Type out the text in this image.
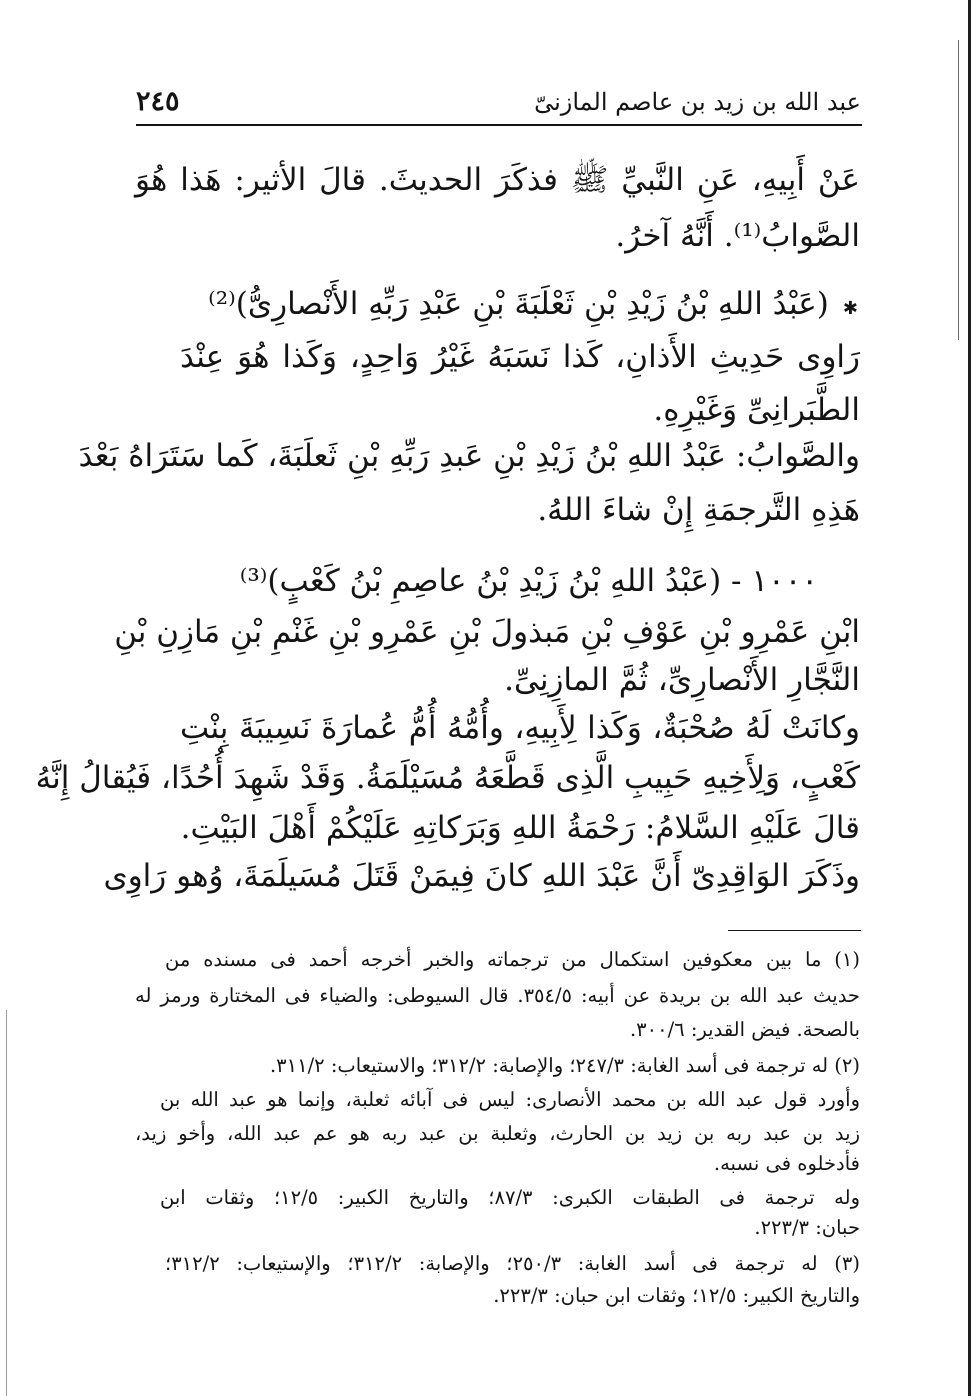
عبد الله بن زيد بن عاصم المازنىّ
٢٤٥
عَنْ أَبِيهِ، عَنِ النَّبيِّ ﷺ فذكَرَ الحديثَ. قالَ الأثير: هَذا هُوَ
الصَّوابُ⁽¹⁾. أَنَّهُ آخرُ.
✱(عَبْدُ اللهِ بْنُ زَيْدِ بْنِ ثَعْلَبَةَ بْنِ عَبْدِ رَبِّهِ الأَنْصارِىُّ)⁽²⁾
رَاوِى حَدِيثِ الأَذانِ، كَذا نَسَبَهُ غَيْرُ وَاحِدٍ، وَكَذا هُوَ عِنْدَ
الطَّبَرانِىِّ وَغَيْرِهِ.
والصَّوابُ: عَبْدُ اللهِ بْنُ زَيْدِ بْنِ عَبدِ رَبِّهِ بْنِ ثَعلَبَةَ، كَما سَتَرَاهُ بَعْدَ
هَذِهِ التَّرجمَةِ إِنْ شاءَ اللهُ.
١٠٠٠ - (عَبْدُ اللهِ بْنُ زَيْدِ بْنُ عاصِمِ بْنُ كَعْبٍ)⁽³⁾
ابْنِ عَمْرِو بْنِ عَوْفِ بْنِ مَبذولَ بْنِ عَمْرِو بْنِ غَنْمِ بْنِ مَازِنِ بْنِ
النَّجَّارِ الأَنْصارِىِّ، ثُمَّ المازِنِىِّ.
وكانَتْ لَهُ صُحْبَةٌ، وَكَذا لِأَبِيهِ، وأُمُّهُ أُمُّ عُمارَةَ نَسِيبَةَ بِنْتِ
كَعْبٍ، وَلِأَخِيهِ حَبِيبِ الَّذِى قَطَّعَهُ مُسَيْلَمَةُ. وَقَدْ شَهِدَ أُحُدًا، فَيُقالُ إِنَّهُ
قالَ عَلَيْهِ السَّلامُ: رَحْمَةُ اللهِ وَبَرَكاتِهِ عَلَيْكُمْ أَهْلَ البَيْتِ.
وذَكَرَ الوَاقِدِىّ أَنَّ عَبْدَ اللهِ كانَ فِيمَنْ قَتَلَ مُسَيلَمَةَ، وُهو رَاوِى
(١) ما بين معكوفين استكمال من ترجماته والخبر أخرجه أحمد فى مسنده من
حديث عبد الله بن بريدة عن أبيه: ٣٥٤/٥. قال السيوطى: والضياء فى المختارة ورمز له
بالصحة. فيض القدير: ٣٠٠/٦.
(٢) له ترجمة فى أسد الغابة: ٢٤٧/٣؛ والإصابة: ٣١٢/٢؛ والاستيعاب: ٣١١/٢.
وأورد قول عبد الله بن محمد الأنصارى: ليس فى آبائه ثعلبة، وإنما هو عبد الله بن
زيد بن عبد ربه بن زيد بن الحارث، وثعلبة بن عبد ربه هو عم عبد الله، وأخو زيد،
فأدخلوه فى نسبه.
وله ترجمة فى الطبقات الكبرى: ٨٧/٣؛ والتاريخ الكبير: ١٢/٥؛ وثقات ابن
حبان: ٢٢٣/٣.
(٣) له ترجمة فى أسد الغابة: ٢٥٠/٣؛ والإصابة: ٣١٢/٢؛ والإستيعاب: ٣١٢/٢؛
والتاريخ الكبير: ١٢/٥؛ وثقات ابن حبان: ٢٢٣/٣.
